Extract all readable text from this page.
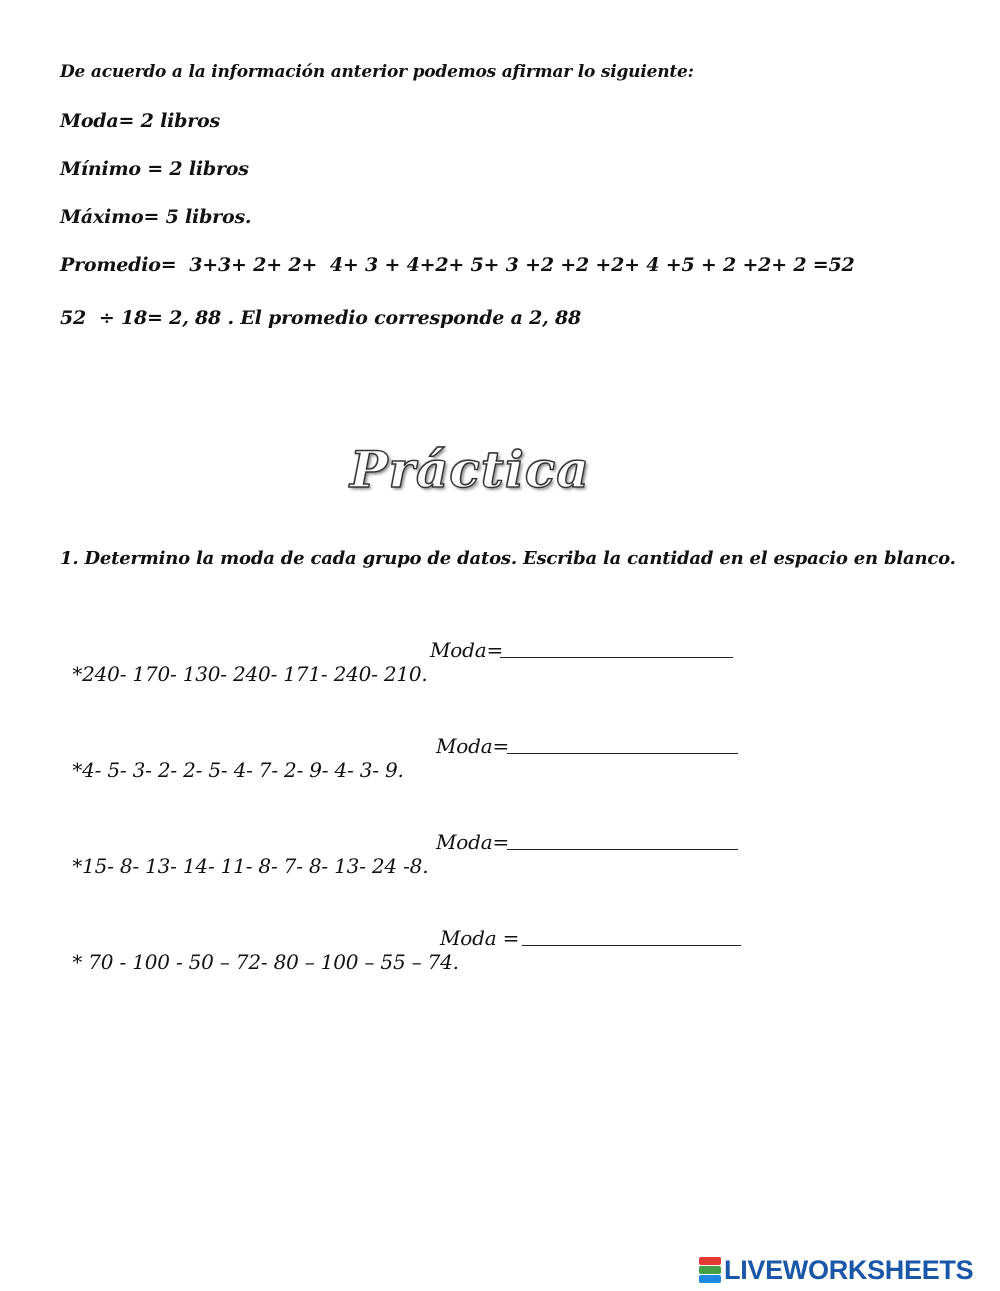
De acuerdo a la información anterior podemos afirmar lo siguiente:
Moda= 2 libros
Mínimo = 2 libros
Máximo= 5 libros.
Promedio=  3+3+ 2+ 2+  4+ 3 + 4+2+ 5+ 3 +2 +2 +2+ 4 +5 + 2 +2+ 2 =52
52  ÷ 18= 2, 88 . El promedio corresponde a 2, 88
Práctica
1. Determino la moda de cada grupo de datos. Escriba la cantidad en el espacio en blanco.

*240- 170- 130- 240- 171- 240- 210.

Moda=

*4- 5- 3- 2- 2- 5- 4- 7- 2- 9- 4- 3- 9.

Moda=

*15- 8- 13- 14- 11- 8- 7- 8- 13- 24 -8.

Moda=

* 70 - 100 - 50 – 72- 80 – 100 – 55 – 74.

Moda =
LIVEWORKSHEETS
